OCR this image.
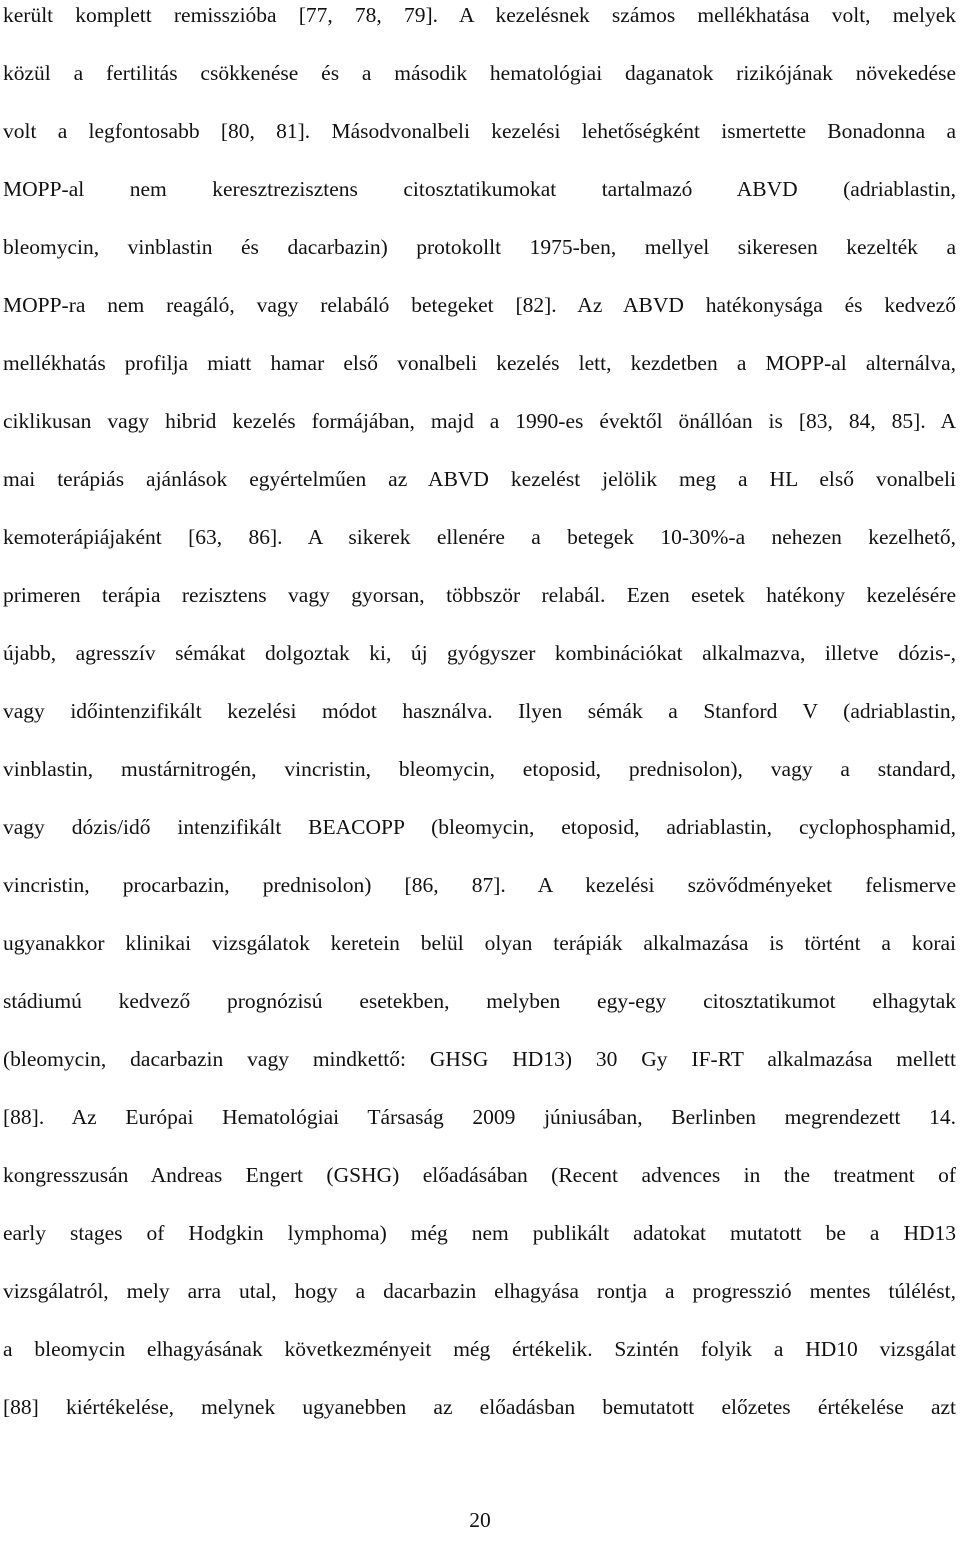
került komplett remisszióba [77, 78, 79]. A kezelésnek számos mellékhatása volt, melyek
közül a fertilitás csökkenése és a második hematológiai daganatok rizikójának növekedése
volt a legfontosabb [80, 81]. Másodvonalbeli kezelési lehetőségként ismertette Bonadonna a
MOPP-al nem keresztrezisztens citosztatikumokat tartalmazó ABVD (adriablastin,
bleomycin, vinblastin és dacarbazin) protokollt 1975-ben, mellyel sikeresen kezelték a
MOPP-ra nem reagáló, vagy relabáló betegeket [82]. Az ABVD hatékonysága és kedvező
mellékhatás profilja miatt hamar első vonalbeli kezelés lett, kezdetben a MOPP-al alternálva,
ciklikusan vagy hibrid kezelés formájában, majd a 1990-es évektől önállóan is [83, 84, 85]. A
mai terápiás ajánlások egyértelműen az ABVD kezelést jelölik meg a HL első vonalbeli
kemoterápiájaként [63, 86]. A sikerek ellenére a betegek 10-30%-a nehezen kezelhető,
primeren terápia rezisztens vagy gyorsan, többször relabál. Ezen esetek hatékony kezelésére
újabb, agresszív sémákat dolgoztak ki, új gyógyszer kombinációkat alkalmazva, illetve dózis-,
vagy időintenzifikált kezelési módot használva. Ilyen sémák a Stanford V (adriablastin,
vinblastin, mustárnitrogén, vincristin, bleomycin, etoposid, prednisolon), vagy a standard,
vagy dózis/idő intenzifikált BEACOPP (bleomycin, etoposid, adriablastin, cyclophosphamid,
vincristin, procarbazin, prednisolon) [86, 87]. A kezelési szövődményeket felismerve
ugyanakkor klinikai vizsgálatok keretein belül olyan terápiák alkalmazása is történt a korai
stádiumú kedvező prognózisú esetekben, melyben egy-egy citosztatikumot elhagytak
(bleomycin, dacarbazin vagy mindkettő: GHSG HD13) 30 Gy IF-RT alkalmazása mellett
[88]. Az Európai Hematológiai Társaság 2009 júniusában, Berlinben megrendezett 14.
kongresszusán Andreas Engert (GSHG) előadásában (Recent advences in the treatment of
early stages of Hodgkin lymphoma) még nem publikált adatokat mutatott be a HD13
vizsgálatról, mely arra utal, hogy a dacarbazin elhagyása rontja a progresszió mentes túlélést,
a bleomycin elhagyásának következményeit még értékelik. Szintén folyik a HD10 vizsgálat
[88] kiértékelése, melynek ugyanebben az előadásban bemutatott előzetes értékelése azt
20
